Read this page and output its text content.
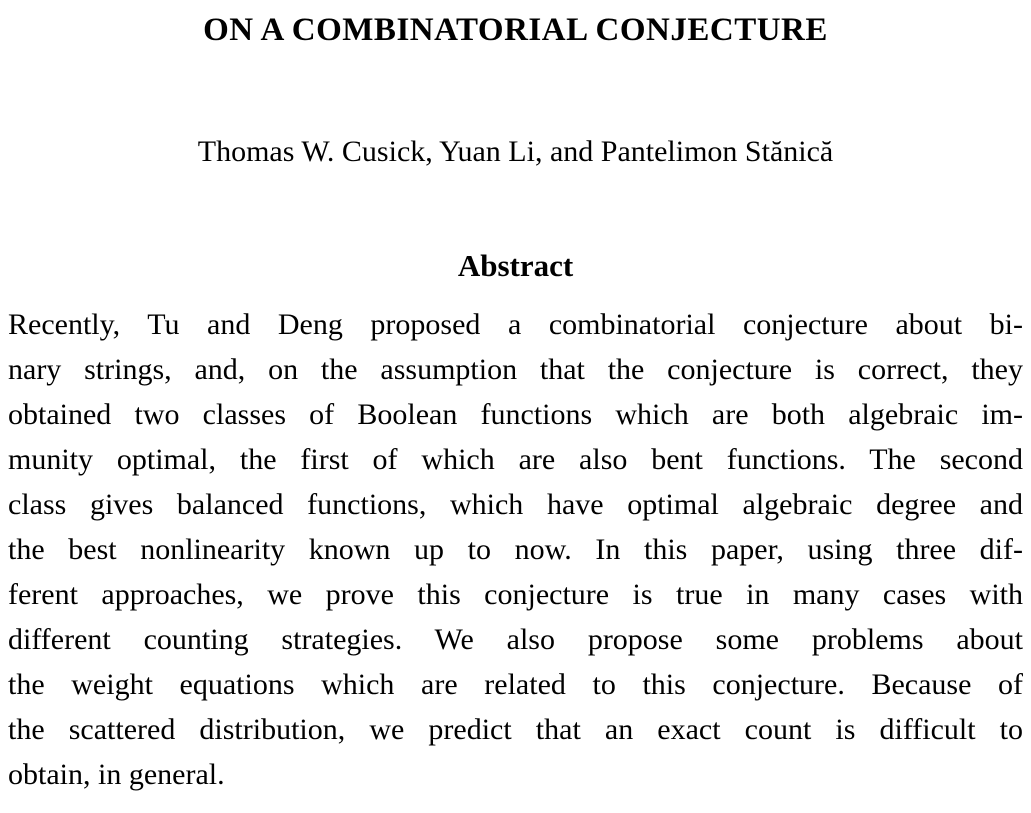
ON A COMBINATORIAL CONJECTURE
Thomas W. Cusick, Yuan Li, and Pantelimon Stănică
Abstract
Recently, Tu and Deng proposed a combinatorial conjecture about bi-
nary strings, and, on the assumption that the conjecture is correct, they
obtained two classes of Boolean functions which are both algebraic im-
munity optimal, the first of which are also bent functions. The second
class gives balanced functions, which have optimal algebraic degree and
the best nonlinearity known up to now. In this paper, using three dif-
ferent approaches, we prove this conjecture is true in many cases with
different counting strategies. We also propose some problems about
the weight equations which are related to this conjecture. Because of
the scattered distribution, we predict that an exact count is difficult to
obtain, in general.
